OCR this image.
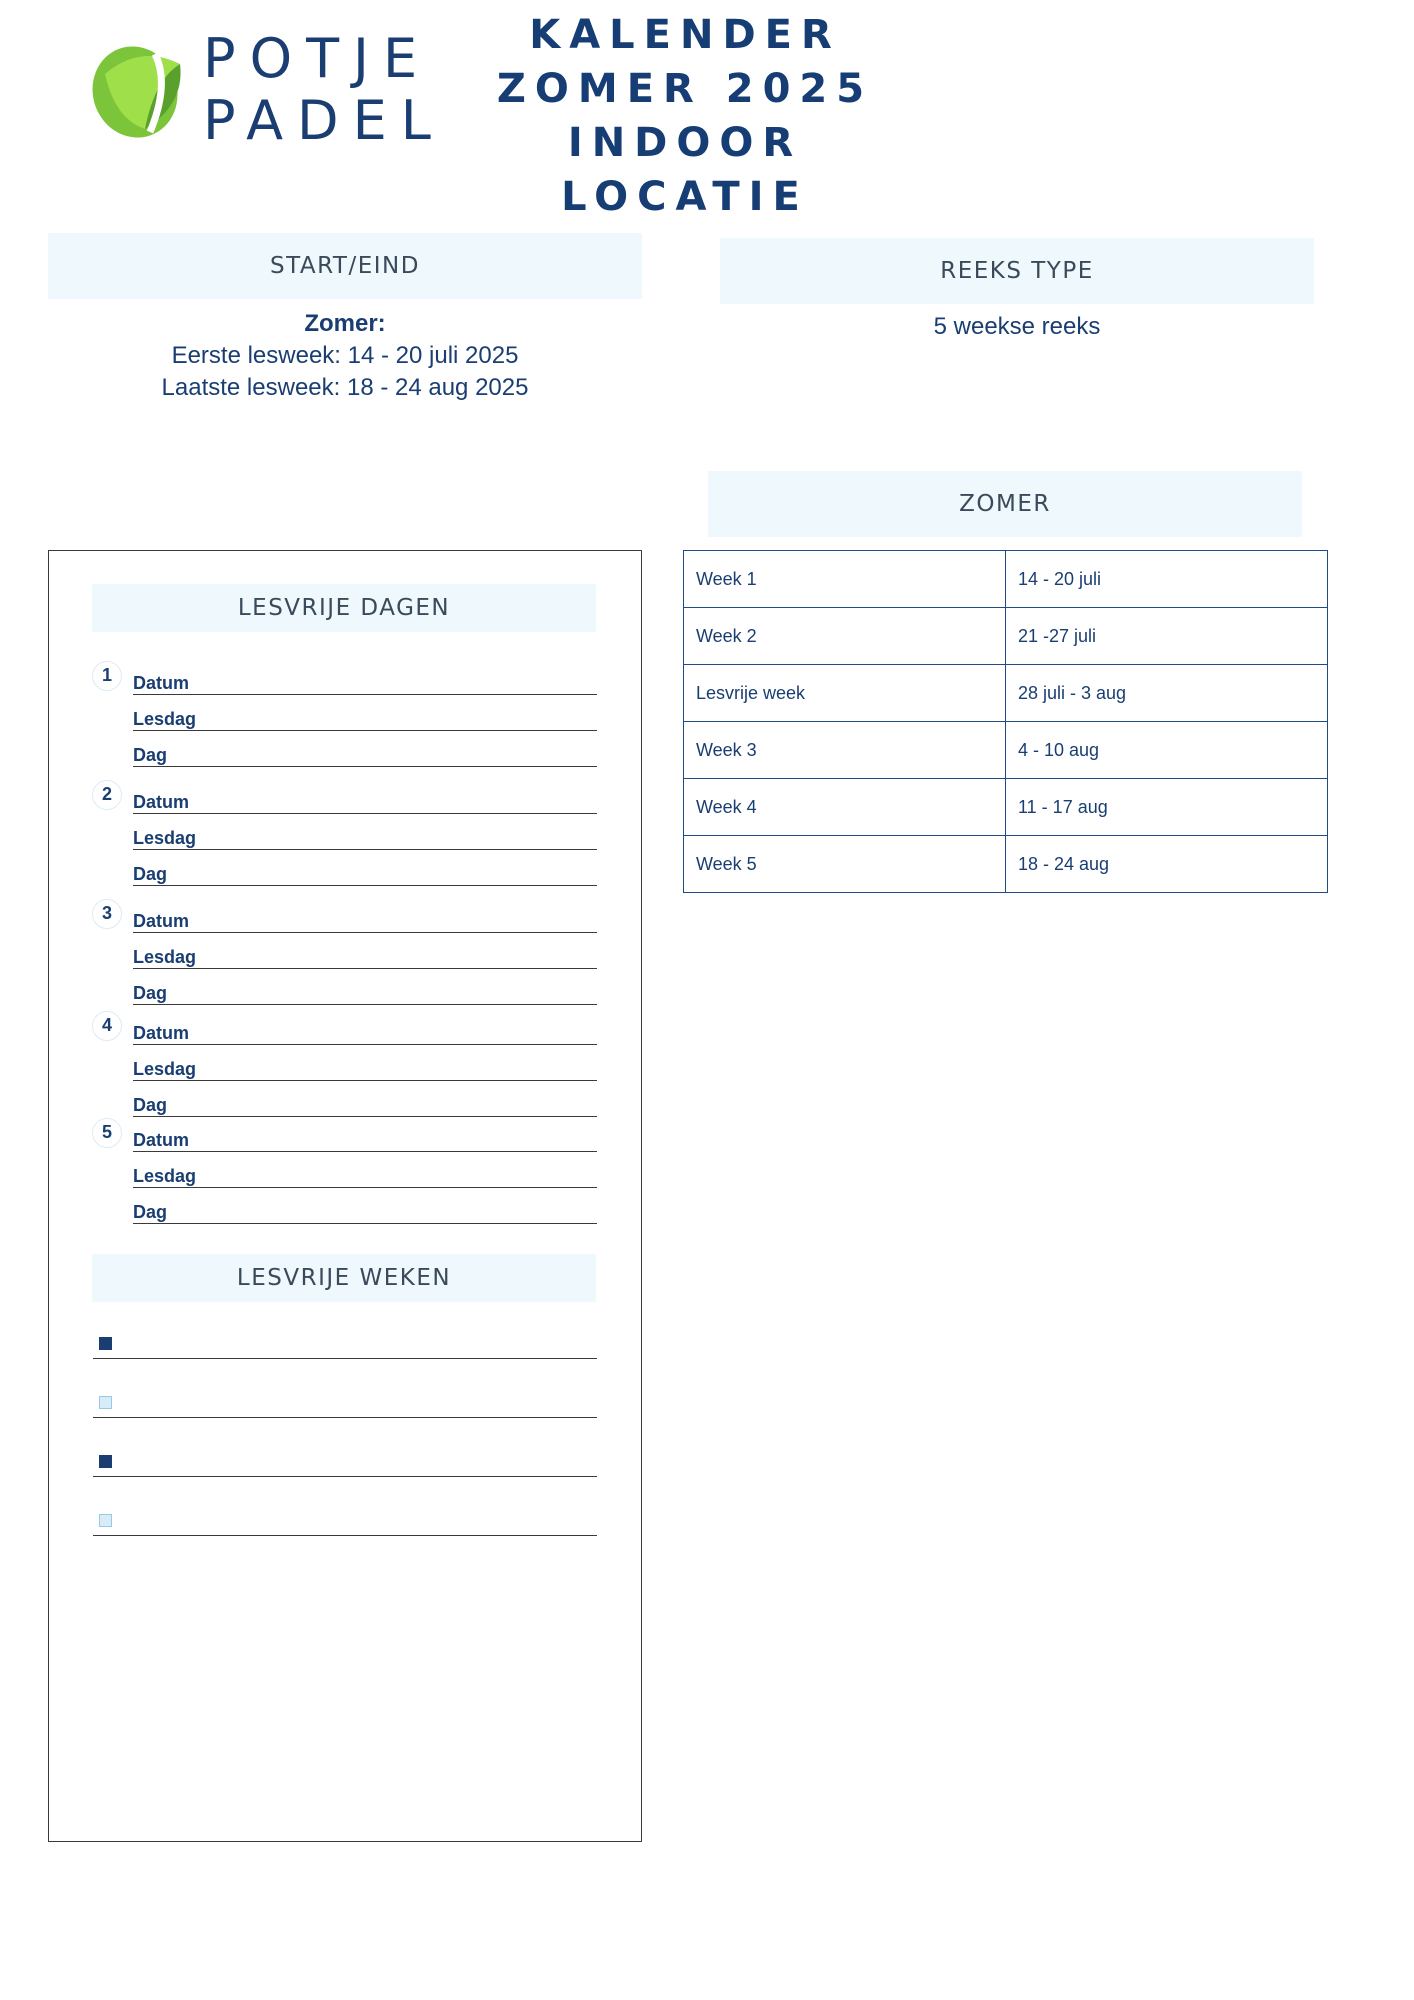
POTJE
PADEL
KALENDER
ZOMER 2025
INDOOR LOCATIE
START/EIND
Zomer:
Eerste lesweek: 14 - 20 juli 2025
Laatste lesweek: 18 - 24 aug 2025
REEKS TYPE
5 weekse reeks
ZOMER
Week 1	14 - 20 juli
Week 2	21 -27 juli
Lesvrije week	28 juli - 3 aug
Week 3	4 - 10 aug
Week 4	11 - 17 aug
Week 5	18 - 24 aug
LESVRIJE DAGEN
1	Datum
Lesdag
Dag
2	Datum
Lesdag
Dag
3	Datum
Lesdag
Dag
4	Datum
Lesdag
Dag
5	Datum
Lesdag
Dag
LESVRIJE WEKEN
